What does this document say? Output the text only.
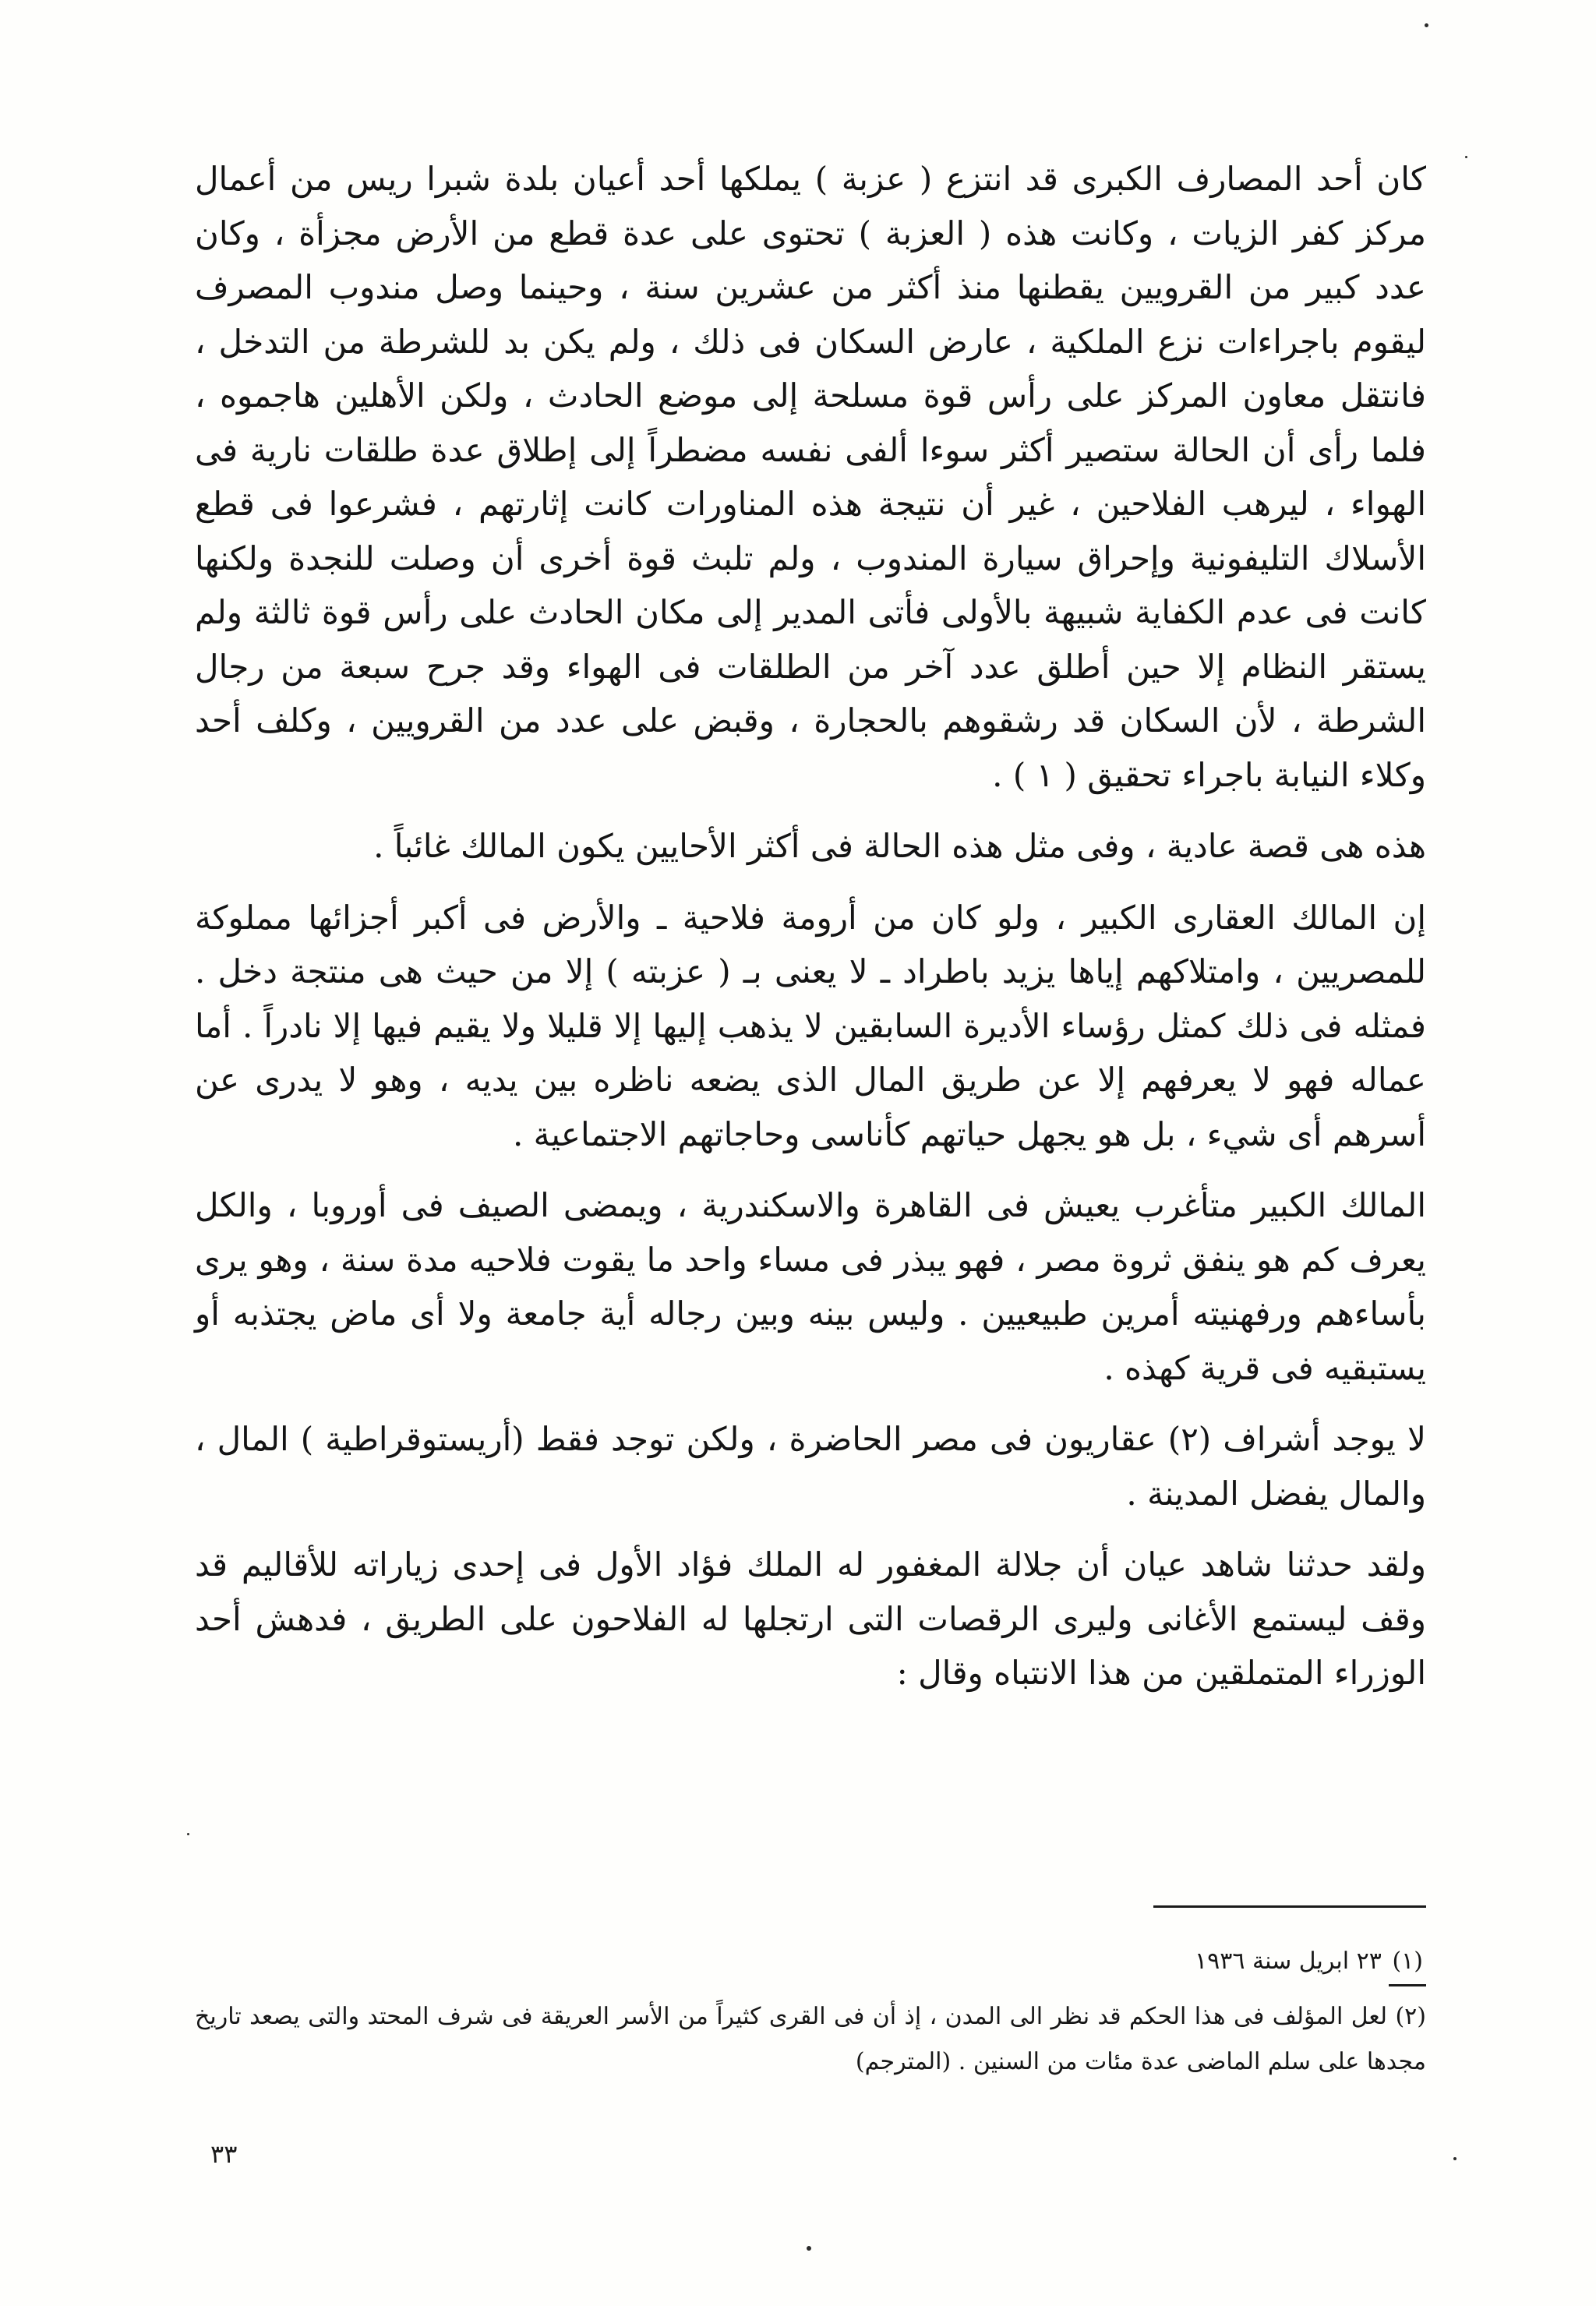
كان أحد المصارف الكبرى قد انتزع ( عزبة ) يملكها أحد أعيان بلدة شبرا ريس من أعمال مركز كفر الزيات ، وكانت هذه ( العزبة ) تحتوى على عدة قطع من الأرض مجزأة ، وكان عدد كبير من القرويين يقطنها منذ أكثر من عشرين سنة ، وحينما وصل مندوب المصرف ليقوم باجراءات نزع الملكية ، عارض السكان فى ذلك ، ولم يكن بد للشرطة من التدخل ، فانتقل معاون المركز على رأس قوة مسلحة إلى موضع الحادث ، ولكن الأهلين هاجموه ، فلما رأى أن الحالة ستصير أكثر سوءا ألفى نفسه مضطراً إلى إطلاق عدة طلقات نارية فى الهواء ، ليرهب الفلاحين ، غير أن نتيجة هذه المناورات كانت إثارتهم ، فشرعوا فى قطع الأسلاك التليفونية وإحراق سيارة المندوب ، ولم تلبث قوة أخرى أن وصلت للنجدة ولكنها كانت فى عدم الكفاية شبيهة بالأولى فأتى المدير إلى مكان الحادث على رأس قوة ثالثة ولم يستقر النظام إلا حين أطلق عدد آخر من الطلقات فى الهواء وقد جرح سبعة من رجال الشرطة ، لأن السكان قد رشقوهم بالحجارة ، وقبض على عدد من القرويين ، وكلف أحد وكلاء النيابة باجراء تحقيق ( ١ ) .

هذه هى قصة عادية ، وفى مثل هذه الحالة فى أكثر الأحايين يكون المالك غائباً .

إن المالك العقارى الكبير ، ولو كان من أرومة فلاحية ـ والأرض فى أكبر أجزائها مملوكة للمصريين ، وامتلاكهم إياها يزيد باطراد ـ لا يعنى بـ ( عزبته ) إلا من حيث هى منتجة دخل . فمثله فى ذلك كمثل رؤساء الأديرة السابقين لا يذهب إليها إلا قليلا ولا يقيم فيها إلا نادراً . أما عماله فهو لا يعرفهم إلا عن طريق المال الذى يضعه ناظره بين يديه ، وهو لا يدرى عن أسرهم أى شيء ، بل هو يجهل حياتهم كأناسى وحاجاتهم الاجتماعية .

المالك الكبير متأغرب يعيش فى القاهرة والاسكندرية ، ويمضى الصيف فى أوروبا ، والكل يعرف كم هو ينفق ثروة مصر ، فهو يبذر فى مساء واحد ما يقوت فلاحيه مدة سنة ، وهو يرى بأساءهم ورفهنيته أمرين طبيعيين . وليس بينه وبين رجاله أية جامعة ولا أى ماض يجتذبه أو يستبقيه فى قرية كهذه .

لا يوجد أشراف (٢) عقاريون فى مصر الحاضرة ، ولكن توجد فقط (أريستوقراطية ) المال ، والمال يفضل المدينة .

ولقد حدثنا شاهد عيان أن جلالة المغفور له الملك فؤاد الأول فى إحدى زياراته للأقاليم قد وقف ليستمع الأغانى وليرى الرقصات التى ارتجلها له الفلاحون على الطريق ، فدهش أحد الوزراء المتملقين من هذا الانتباه وقال :

(١) ٢٣ ابريل سنة ١٩٣٦

(٢) لعل المؤلف فى هذا الحكم قد نظر الى المدن ، إذ أن فى القرى كثيراً من الأسر العريقة فى شرف المحتد والتى يصعد تاريخ مجدها على سلم الماضى عدة مئات من السنين . (المترجم)

٣٣
